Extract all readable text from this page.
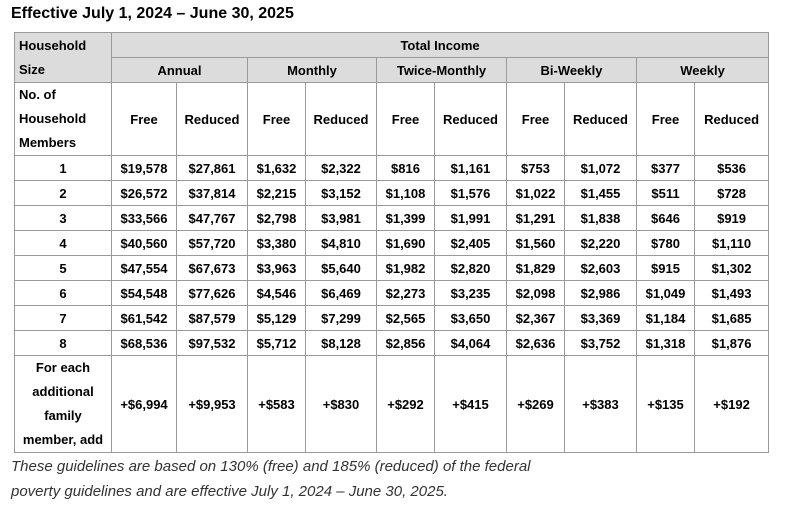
Effective July 1, 2024 – June 30, 2025
Household
Size	Total Income									
	Annual		Monthly		Twice-Monthly		Bi-Weekly		Weekly	

No. of
Household
Members	Free	Reduced	Free	Reduced	Free	Reduced	Free	Reduced	Free	Reduced
1	$19,578	$27,861	$1,632	$2,322	$816	$1,161	$753	$1,072	$377	$536
2	$26,572	$37,814	$2,215	$3,152	$1,108	$1,576	$1,022	$1,455	$511	$728
3	$33,566	$47,767	$2,798	$3,981	$1,399	$1,991	$1,291	$1,838	$646	$919
4	$40,560	$57,720	$3,380	$4,810	$1,690	$2,405	$1,560	$2,220	$780	$1,110
5	$47,554	$67,673	$3,963	$5,640	$1,982	$2,820	$1,829	$2,603	$915	$1,302
6	$54,548	$77,626	$4,546	$6,469	$2,273	$3,235	$2,098	$2,986	$1,049	$1,493
7	$61,542	$87,579	$5,129	$7,299	$2,565	$3,650	$2,367	$3,369	$1,184	$1,685
8	$68,536	$97,532	$5,712	$8,128	$2,856	$4,064	$2,636	$3,752	$1,318	$1,876

For each
additional
family
member, add	+$6,994	+$9,953	+$583	+$830	+$292	+$415	+$269	+$383	+$135	+$192
These guidelines are based on 130% (free) and 185% (reduced) of the federal
poverty guidelines and are effective July 1, 2024 – June 30, 2025.
